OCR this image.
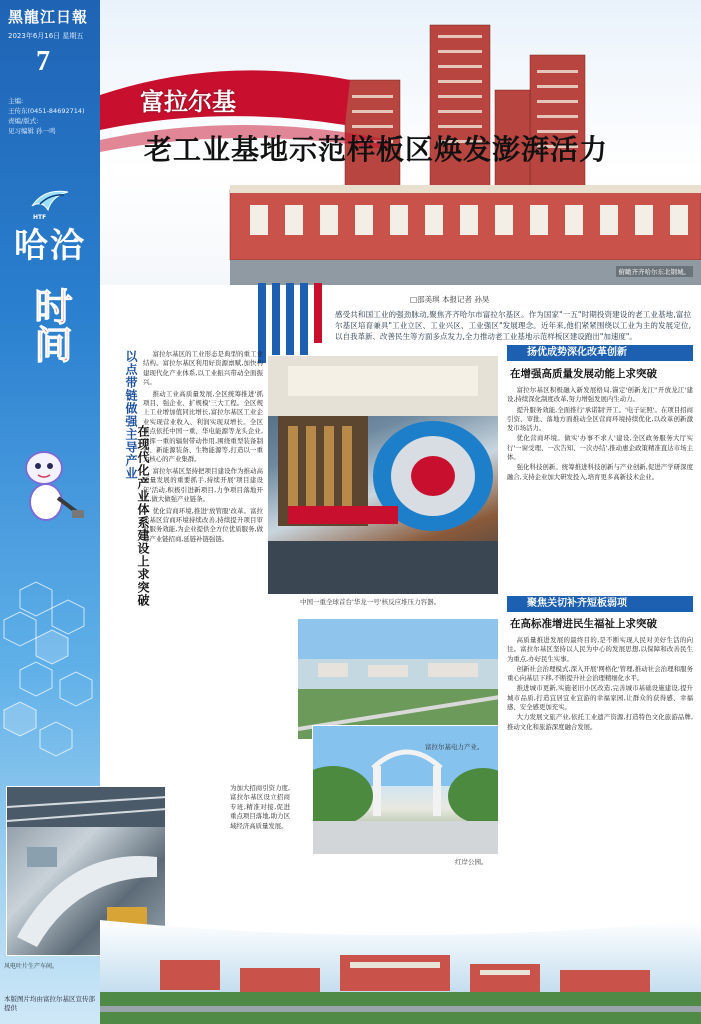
黑龍江日報
2023年6月16日 星期五
7
主编:
王传东(0451-84692714)
责编/版式:
见习编辑 孙一鸣
HTF
哈洽
时间
风电叶片生产车间。
本版图片均由富拉尔基区宣传部提供
富拉尔基
老工业基地示范样板区焕发澎湃活力
俯瞰齐齐哈尔东北钢城。
□邵美琪 本报记者 孙昊
感受共和国工业的强劲脉动,聚焦齐齐哈尔市富拉尔基区。作为国家"一五"时期投资建设的老工业基地,富拉尔基区培育兼具"工业立区、工业兴区、工业强区"发展理念。近年来,他们紧紧围绕以工业为主的发展定位,以自我革新、改善民生等方面多点发力,全力推动老工业基地示范样板区建设跑出"加速度"。
以点带链做强主导产业
在现代化产业体系建设上求突破

富拉尔基区的工业形态是典型的重工业结构。富拉尔基区利用好资源禀赋,加快构建现代化产业体系,以工业振兴带动全面振兴。

推动工业高质量发展,全区统筹推进'抓项目、强企业、扩规模'三大工程。全区规上工业增加值同比增长,富拉尔基区工业企业实现营业收入、利润实现双增长。全区重点依托中国一重、华电能源等龙头企业,发挥一重的辐射带动作用,围绕重型装备制造、新能源装备、生物能源等,打造以一重为核心的产业集群。

富拉尔基区坚持把项目建设作为推动高质量发展的重要抓手,持续开展'项目建设年'活动,积极引进新项目,力争项目落地开工,做大做强产业链条。

优化营商环境,推进'放管服'改革。富拉尔基区营商环境持续改善,持续提升项目审批服务效能,为企业提供全方位优质服务,做好产业链招商,延链补链强链。

为加大招商引资力度,富拉尔基区设立招商专班,精准对接,促进重点项目落地,助力区域经济高质量发展。
中国一重全球首台'华龙一号'核反应堆压力容器。
富拉尔基电力产业。
红岸公园。
扬优成势深化改革创新
在增强高质量发展动能上求突破

富拉尔基区积极融入新发展格局,锚定'创新龙江''开放龙江'建设,持续深化制度改革,努力增强发展内生动力。

提升服务效能,全面推行'承诺制'开工。'电子证照'。在项目招商引资、审批、落地方面推动全区营商环境持续优化,以改革创新激发市场活力。

优化营商环境。做实'办事不求人'建设,全区政务服务大厅实行'一窗受理、一次告知、一次办结',推动惠企政策精准直达市场主体。

强化科技创新。统筹推进科技创新与产业创新,促进产学研深度融合,支持企业加大研发投入,培育更多高新技术企业。

聚焦关切补齐短板弱项
在高标准增进民生福祉上求突破

高质量推进发展的最终目的,是不断实现人民对美好生活的向往。富拉尔基区坚持以人民为中心的发展思想,以保障和改善民生为重点,办好民生实事。

创新社会治理模式,深入开展'网格化'管理,推动社会治理和服务重心向基层下移,不断提升社会治理精细化水平。

推进城市更新,实施老旧小区改造,完善城市基础设施建设,提升城市品质,打造宜居宜业宜游的幸福家园,让群众的获得感、幸福感、安全感更加充实。

大力发展文旅产业,依托工业遗产资源,打造特色文化旅游品牌,推动文化和旅游深度融合发展。
